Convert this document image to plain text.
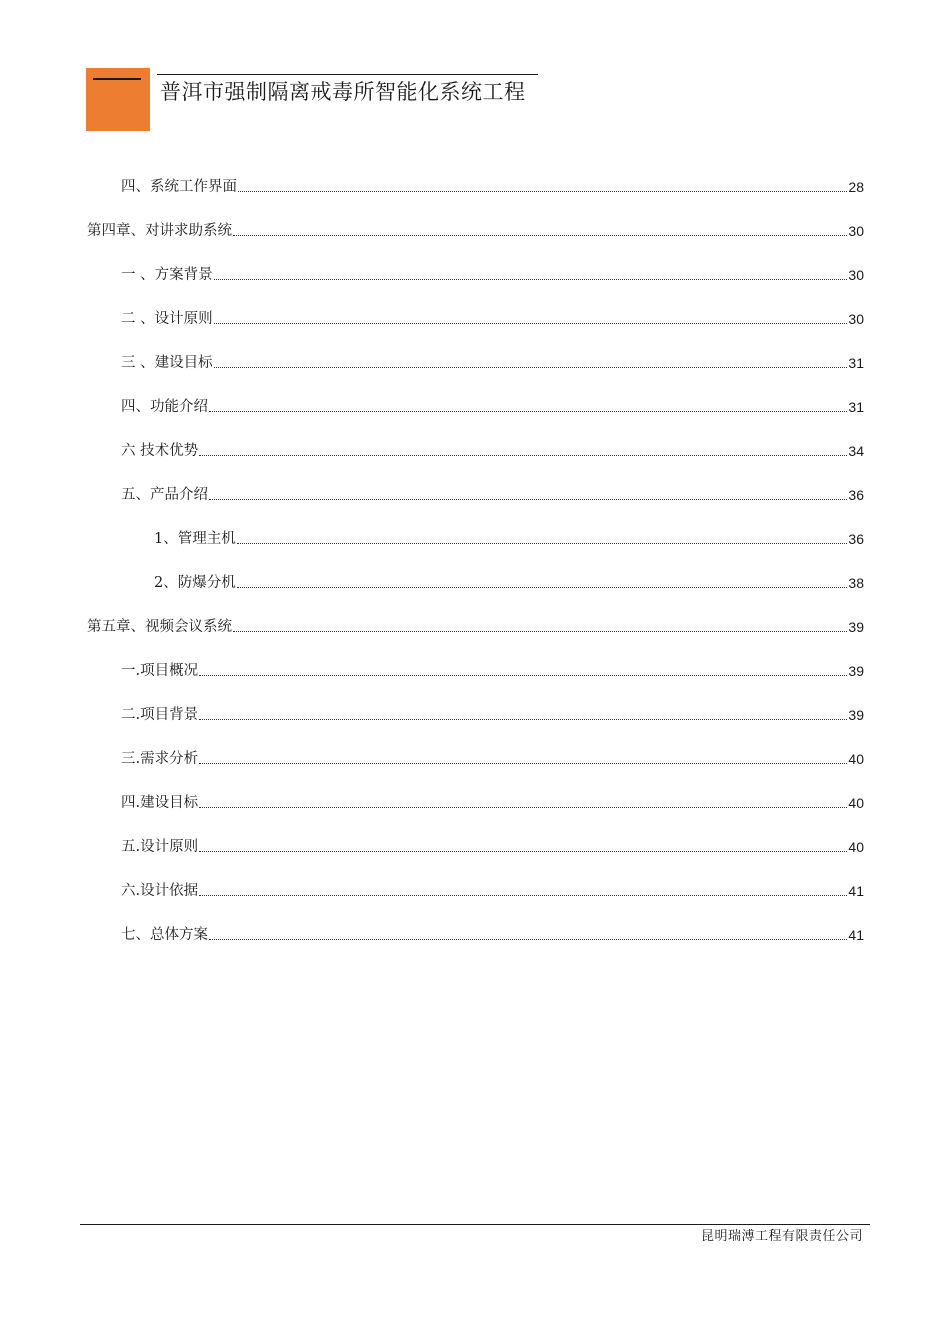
普洱市强制隔离戒毒所智能化系统工程
四、系统工作界面	28
第四章、对讲求助系统	30
一 、方案背景	30
二 、设计原则	30
三 、建设目标	31
四、功能介绍	31
六 技术优势	34
五、产品介绍	36
1、管理主机	36
2、防爆分机	38
第五章、视频会议系统	39
一.项目概况	39
二.项目背景	39
三.需求分析	40
四.建设目标	40
五.设计原则	40
六.设计依据	41
七、总体方案	41
昆明瑞溥工程有限责任公司
